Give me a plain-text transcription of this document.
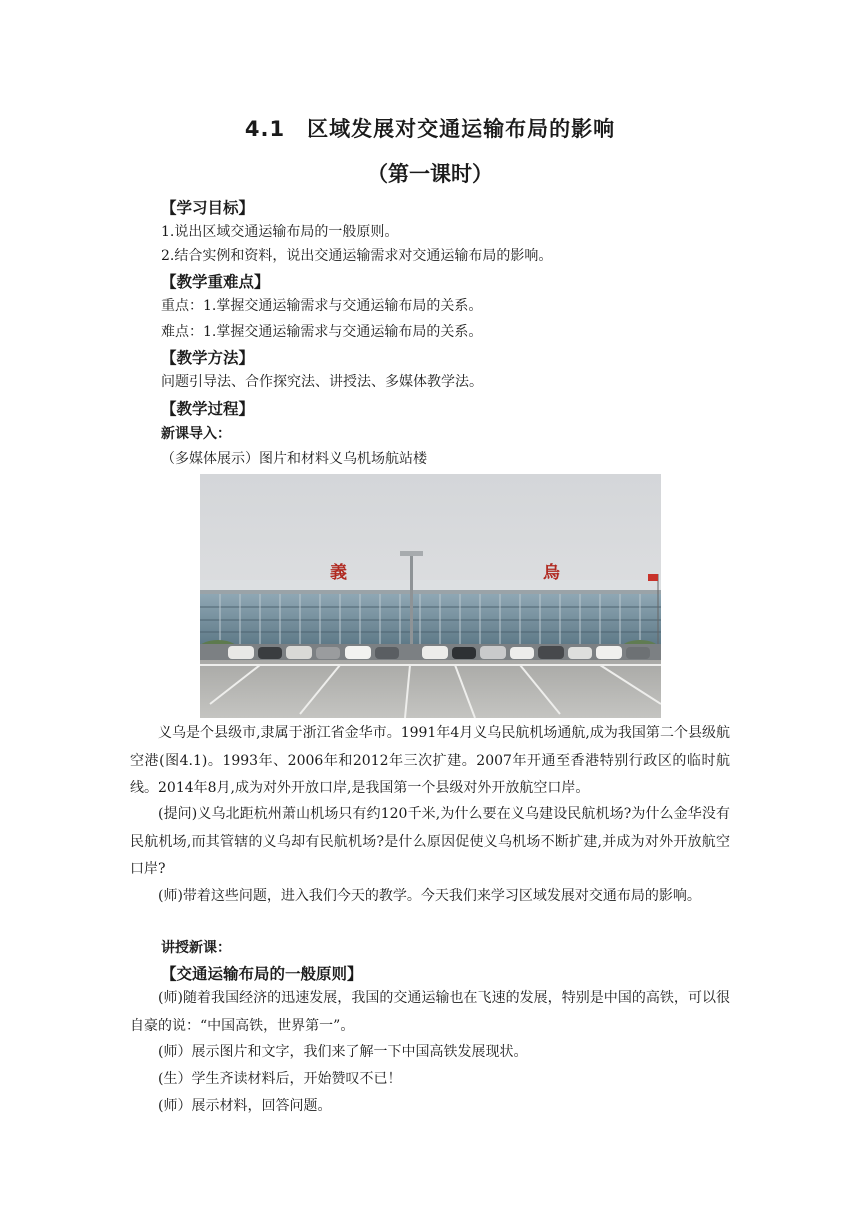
4.1　区域发展对交通运输布局的影响
（第一课时）
【学习目标】
1.说出区域交通运输布局的一般原则。
2.结合实例和资料，说出交通运输需求对交通运输布局的影响。
【教学重难点】
重点：1.掌握交通运输需求与交通运输布局的关系。
难点：1.掌握交通运输需求与交通运输布局的关系。
【教学方法】
问题引导法、合作探究法、讲授法、多媒体教学法。
【教学过程】
新课导入：
（多媒体展示）图片和材料义乌机场航站楼
義	烏

义乌是个县级市,隶属于浙江省金华市。1991年4月义乌民航机场通航,成为我国第二个县级航空港(图4.1)。1993年、2006年和2012年三次扩建。2007年开通至香港特别行政区的临时航线。2014年8月,成为对外开放口岸,是我国第一个县级对外开放航空口岸。

(提问)义乌北距杭州萧山机场只有约120千米,为什么要在义乌建设民航机场?为什么金华没有民航机场,而其管辖的义乌却有民航机场?是什么原因促使义乌机场不断扩建,并成为对外开放航空口岸?

(师)带着这些问题，进入我们今天的教学。今天我们来学习区域发展对交通布局的影响。

讲授新课：
【交通运输布局的一般原则】

(师)随着我国经济的迅速发展，我国的交通运输也在飞速的发展，特别是中国的高铁，可以很自豪的说：“中国高铁，世界第一”。

(师）展示图片和文字，我们来了解一下中国高铁发展现状。

(生）学生齐读材料后，开始赞叹不已！

(师）展示材料，回答问题。
